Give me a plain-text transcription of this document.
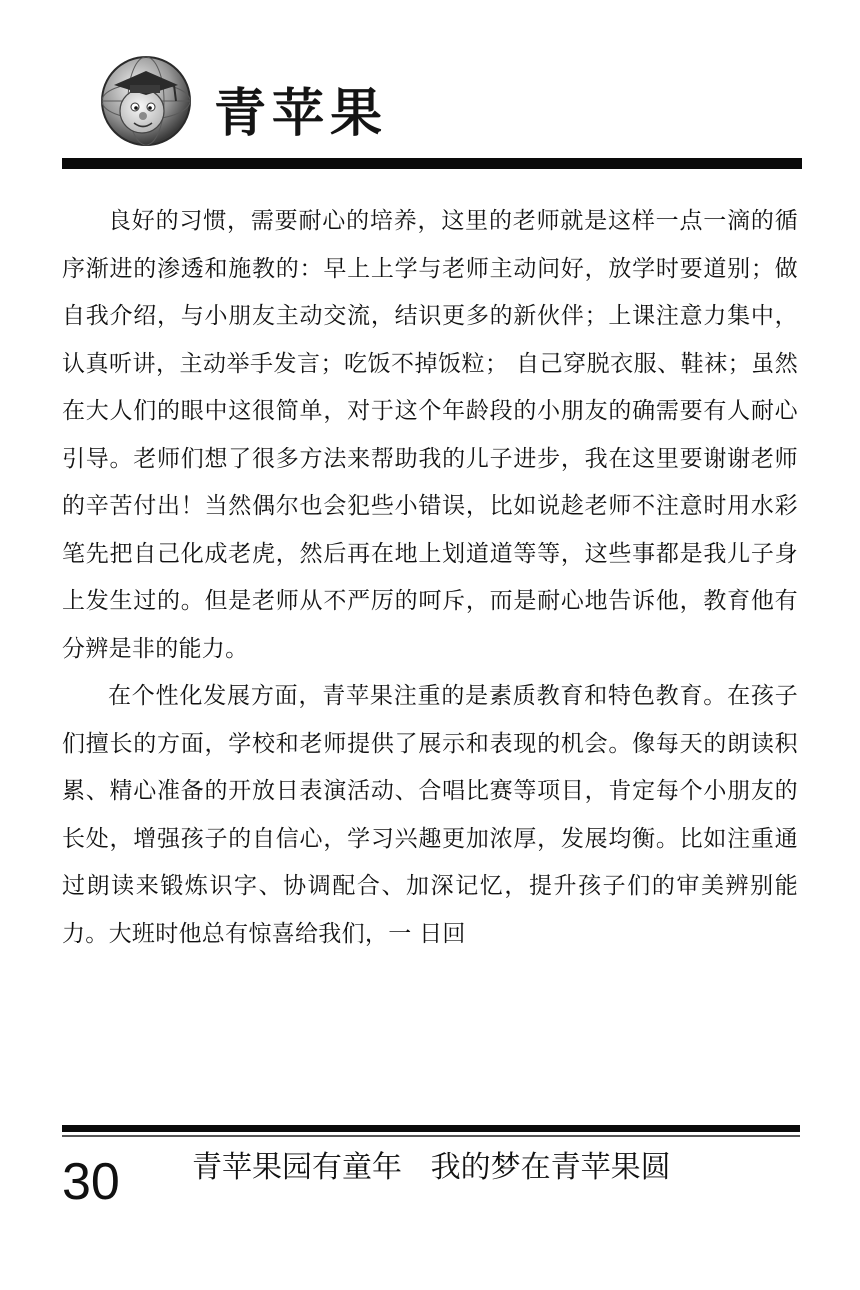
青苹果

良好的习惯，需要耐心的培养，这里的老师就是这样一点一滴的循序渐进的渗透和施教的：早上上学与老师主动问好，放学时要道别；做自我介绍，与小朋友主动交流，结识更多的新伙伴；上课注意力集中，认真听讲，主动举手发言；吃饭不掉饭粒； 自己穿脱衣服、鞋袜；虽然在大人们的眼中这很简单，对于这个年龄段的小朋友的确需要有人耐心引导。老师们想了很多方法来帮助我的儿子进步，我在这里要谢谢老师的辛苦付出！当然偶尔也会犯些小错误，比如说趁老师不注意时用水彩笔先把自己化成老虎，然后再在地上划道道等等，这些事都是我儿子身上发生过的。但是老师从不严厉的呵斥，而是耐心地告诉他，教育他有分辨是非的能力。

在个性化发展方面，青苹果注重的是素质教育和特色教育。在孩子们擅长的方面，学校和老师提供了展示和表现的机会。像每天的朗读积累、精心准备的开放日表演活动、合唱比赛等项目，肯定每个小朋友的长处，增强孩子的自信心，学习兴趣更加浓厚，发展均衡。比如注重通过朗读来锻炼识字、协调配合、加深记忆，提升孩子们的审美辨别能力。大班时他总有惊喜给我们，一 日回

30 青苹果园有童年   我的梦在青苹果圆
